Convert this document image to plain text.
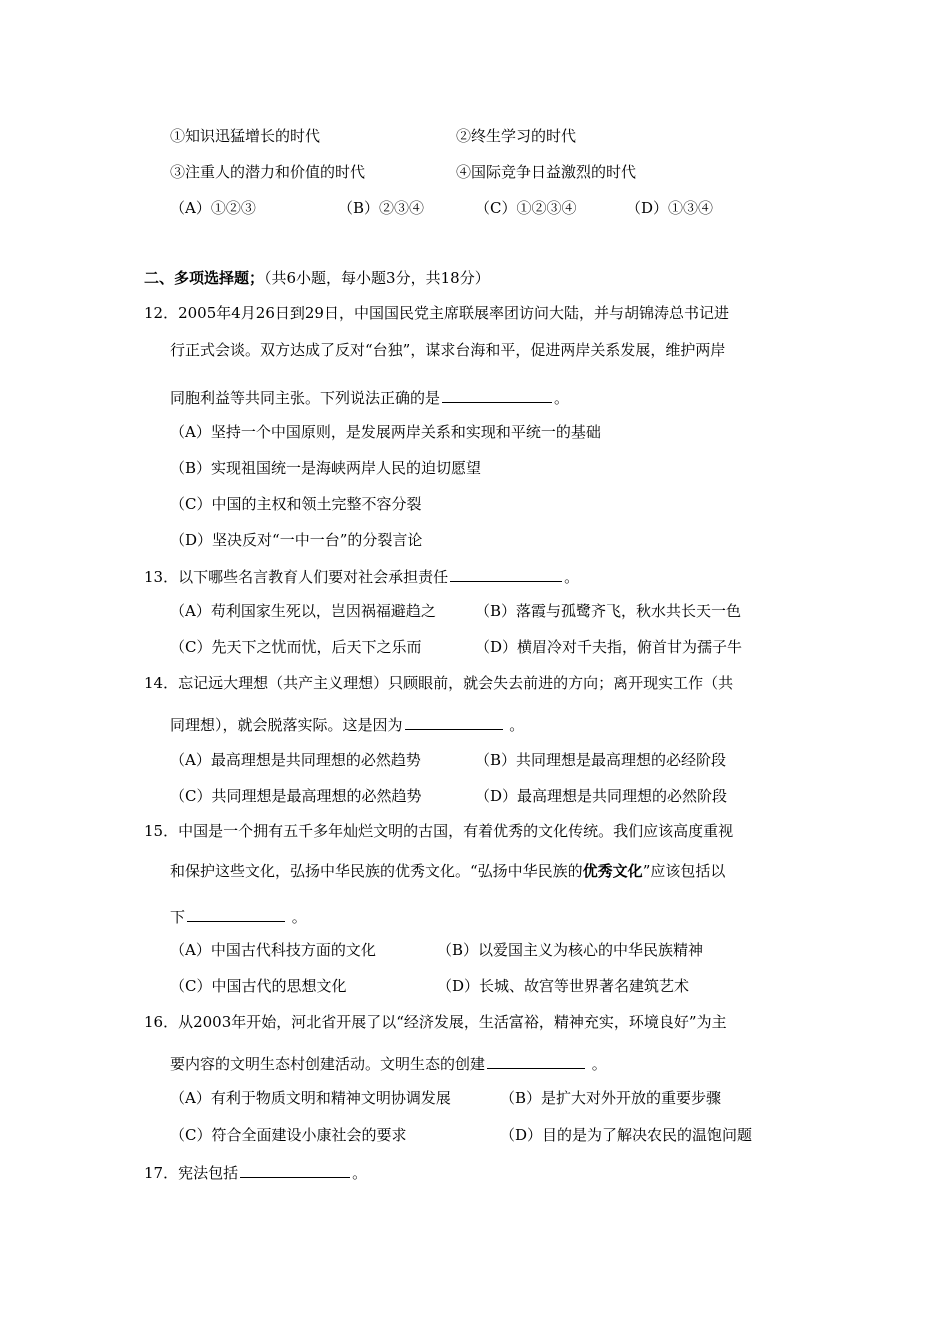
①知识迅猛增长的时代	②终生学习的时代
③注重人的潜力和价值的时代	④国际竞争日益激烈的时代
（A）①②③	（B）②③④	（C）①②③④	（D）①③④
二、多项选择题；（共6小题，每小题3分，共18分）
12．2005年4月26日到29日，中国国民党主席联展率团访问大陆，并与胡锦涛总书记进
行正式会谈。双方达成了反对“台独”，谋求台海和平，促进两岸关系发展，维护两岸
同胞利益等共同主张。下列说法正确的是	。
（A）坚持一个中国原则，是发展两岸关系和实现和平统一的基础
（B）实现祖国统一是海峡两岸人民的迫切愿望
（C）中国的主权和领土完整不容分裂
（D）坚决反对“一中一台”的分裂言论
13．以下哪些名言教育人们要对社会承担责任	。
（A）苟利国家生死以，岂因祸福避趋之	（B）落霞与孤鹭齐飞，秋水共长天一色
（C）先天下之忧而忧，后天下之乐而	（D）横眉冷对千夫指，俯首甘为孺子牛
14．忘记远大理想（共产主义理想）只顾眼前，就会失去前进的方向；离开现实工作（共
同理想），就会脱落实际。这是因为	。
（A）最高理想是共同理想的必然趋势	（B）共同理想是最高理想的必经阶段
（C）共同理想是最高理想的必然趋势	（D）最高理想是共同理想的必然阶段
15．中国是一个拥有五千多年灿烂文明的古国，有着优秀的文化传统。我们应该高度重视
和保护这些文化，弘扬中华民族的优秀文化。“弘扬中华民族的优秀文化”应该包括以
下	。
（A）中国古代科技方面的文化	（B）以爱国主义为核心的中华民族精神
（C）中国古代的思想文化	（D）长城、故宫等世界著名建筑艺术
16．从2003年开始，河北省开展了以“经济发展，生活富裕，精神充实，环境良好”为主
要内容的文明生态村创建活动。文明生态的创建	。
（A）有利于物质文明和精神文明协调发展	（B）是扩大对外开放的重要步骤
（C）符合全面建设小康社会的要求	（D）目的是为了解决农民的温饱问题
17．宪法包括	。
